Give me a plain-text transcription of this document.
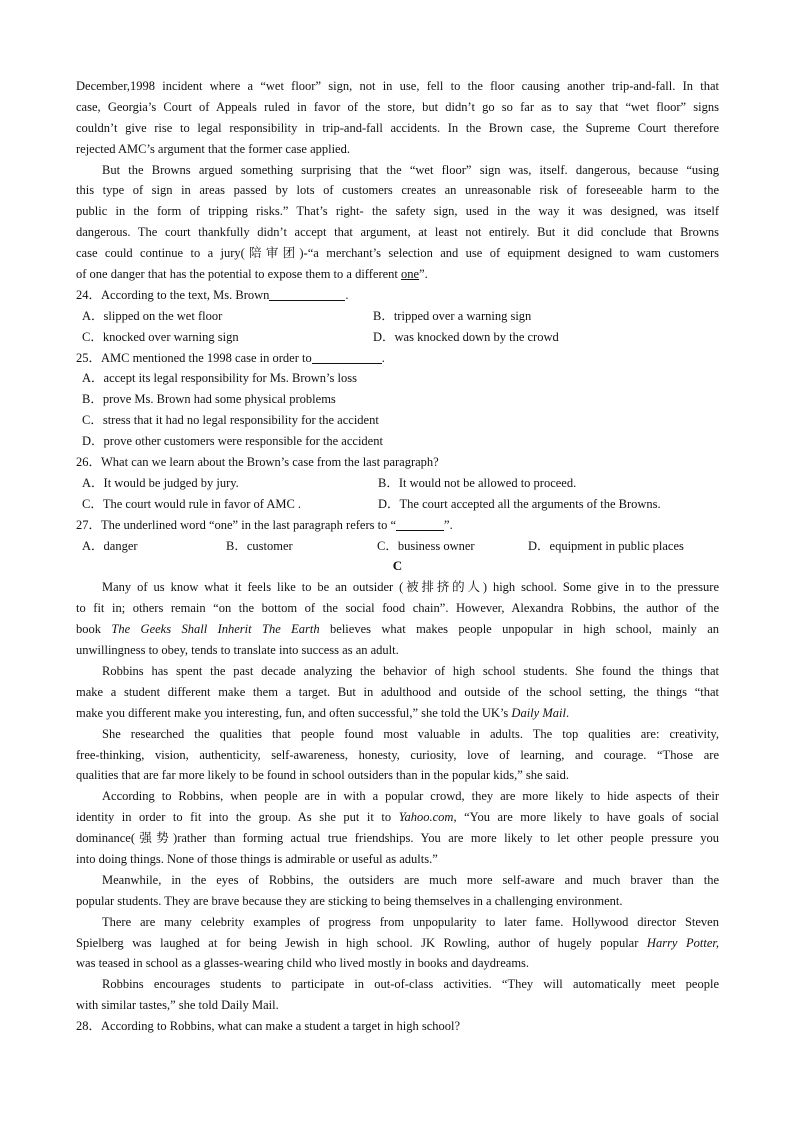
December,1998 incident where a “wet floor” sign, not in use, fell to the floor causing another trip-and-fall. In that
case, Georgia’s Court of Appeals ruled in favor of the store, but didn’t go so far as to say that “wet floor” signs
couldn’t give rise to legal responsibility in trip-and-fall accidents. In the Brown case, the Supreme Court therefore
rejected AMC’s argument that the former case applied.
But the Browns argued something surprising that the “wet floor” sign was, itself. dangerous, because “using
this type of sign in areas passed by lots of customers creates an unreasonable risk of foreseeable harm to the
public in the form of tripping risks.” That’s right- the safety sign, used in the way it was designed, was itself
dangerous. The court thankfully didn’t accept that argument, at least not entirely. But it did conclude that Browns
case could continue to a jury(陪审团)-“a merchant’s selection and use of equipment designed to wam customers
of one danger that has the potential to expose them to a different one”.
24．According to the text, Ms. Brown	.
A．slipped on the wet floor	B．tripped over a warning sign
C．knocked over warning sign	D．was knocked down by the crowd
25．AMC mentioned the 1998 case in order to	.
A．accept its legal responsibility for Ms. Brown’s loss
B．prove Ms. Brown had some physical problems
C．stress that it had no legal responsibility for the accident
D．prove other customers were responsible for the accident
26．What can we learn about the Brown’s case from the last paragraph?
A．It would be judged by jury.	B．It would not be allowed to proceed.
C．The court would rule in favor of AMC .	D．The court accepted all the arguments of the Browns.
27．The underlined word “one” in the last paragraph refers to “	”.
A．danger	B．customer	C．business owner	D．equipment in public places
C
Many of us know what it feels like to be an outsider (被排挤的人) high school. Some give in to the pressure
to fit in; others remain “on the bottom of the social food chain”. However, Alexandra Robbins, the author of the
book The Geeks Shall Inherit The Earth believes what makes people unpopular in high school, mainly an
unwillingness to obey, tends to translate into success as an adult.
Robbins has spent the past decade analyzing the behavior of high school students. She found the things that
make a student different make them a target. But in adulthood and outside of the school setting, the things “that
make you different make you interesting, fun, and often successful,” she told the UK’s Daily Mail.
She researched the qualities that people found most valuable in adults. The top qualities are: creativity,
free-thinking, vision, authenticity, self-awareness, honesty, curiosity, love of learning, and courage. “Those are
qualities that are far more likely to be found in school outsiders than in the popular kids,” she said.
According to Robbins, when people are in with a popular crowd, they are more likely to hide aspects of their
identity in order to fit into the group. As she put it to Yahoo.com, “You are more likely to have goals of social
dominance(强势)rather than forming actual true friendships. You are more likely to let other people pressure you
into doing things. None of those things is admirable or useful as adults.”
Meanwhile, in the eyes of Robbins, the outsiders are much more self-aware and much braver than the
popular students. They are brave because they are sticking to being themselves in a challenging environment.
There are many celebrity examples of progress from unpopularity to later fame. Hollywood director Steven
Spielberg was laughed at for being Jewish in high school. JK Rowling, author of hugely popular Harry Potter,
was teased in school as a glasses-wearing child who lived mostly in books and daydreams.
Robbins encourages students to participate in out-of-class activities. “They will automatically meet people
with similar tastes,” she told Daily Mail.
28．According to Robbins, what can make a student a target in high school?
